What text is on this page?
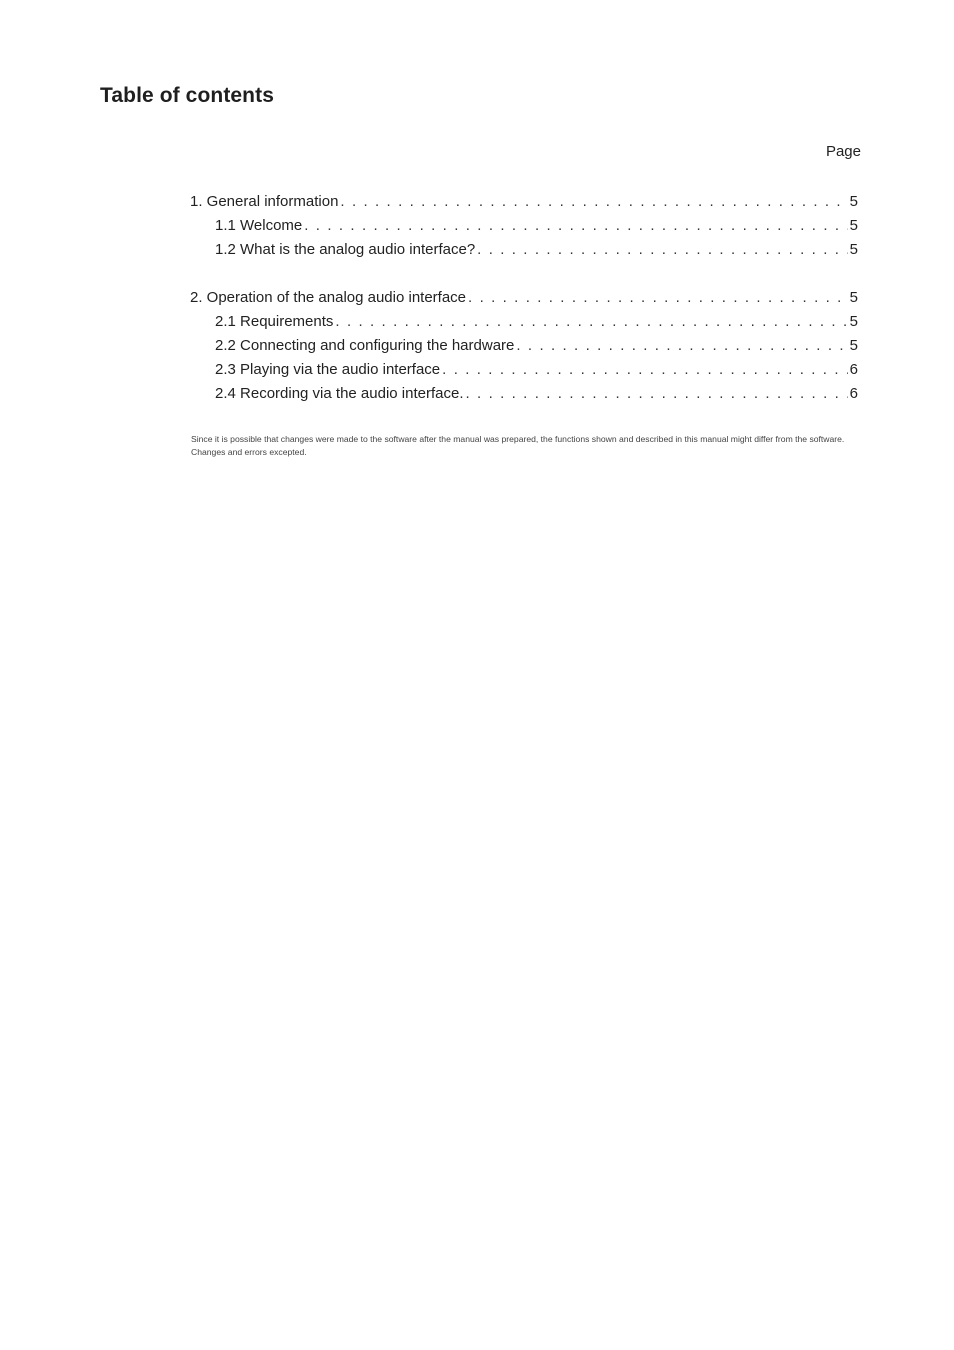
Table of contents
Page
1. General information . . .	5
1.1 Welcome . . .	5
1.2 What is the analog audio interface? . . .	5
2. Operation of the analog audio interface . . .	5
2.1 Requirements . . .	5
2.2 Connecting and configuring the hardware . . .	5
2.3 Playing via the audio interface . . .	6
2.4 Recording via the audio interface. . . .	6

Since it is possible that changes were made to the software after the manual was prepared, the functions shown and described in this manual might differ from the software. Changes and errors excepted.
